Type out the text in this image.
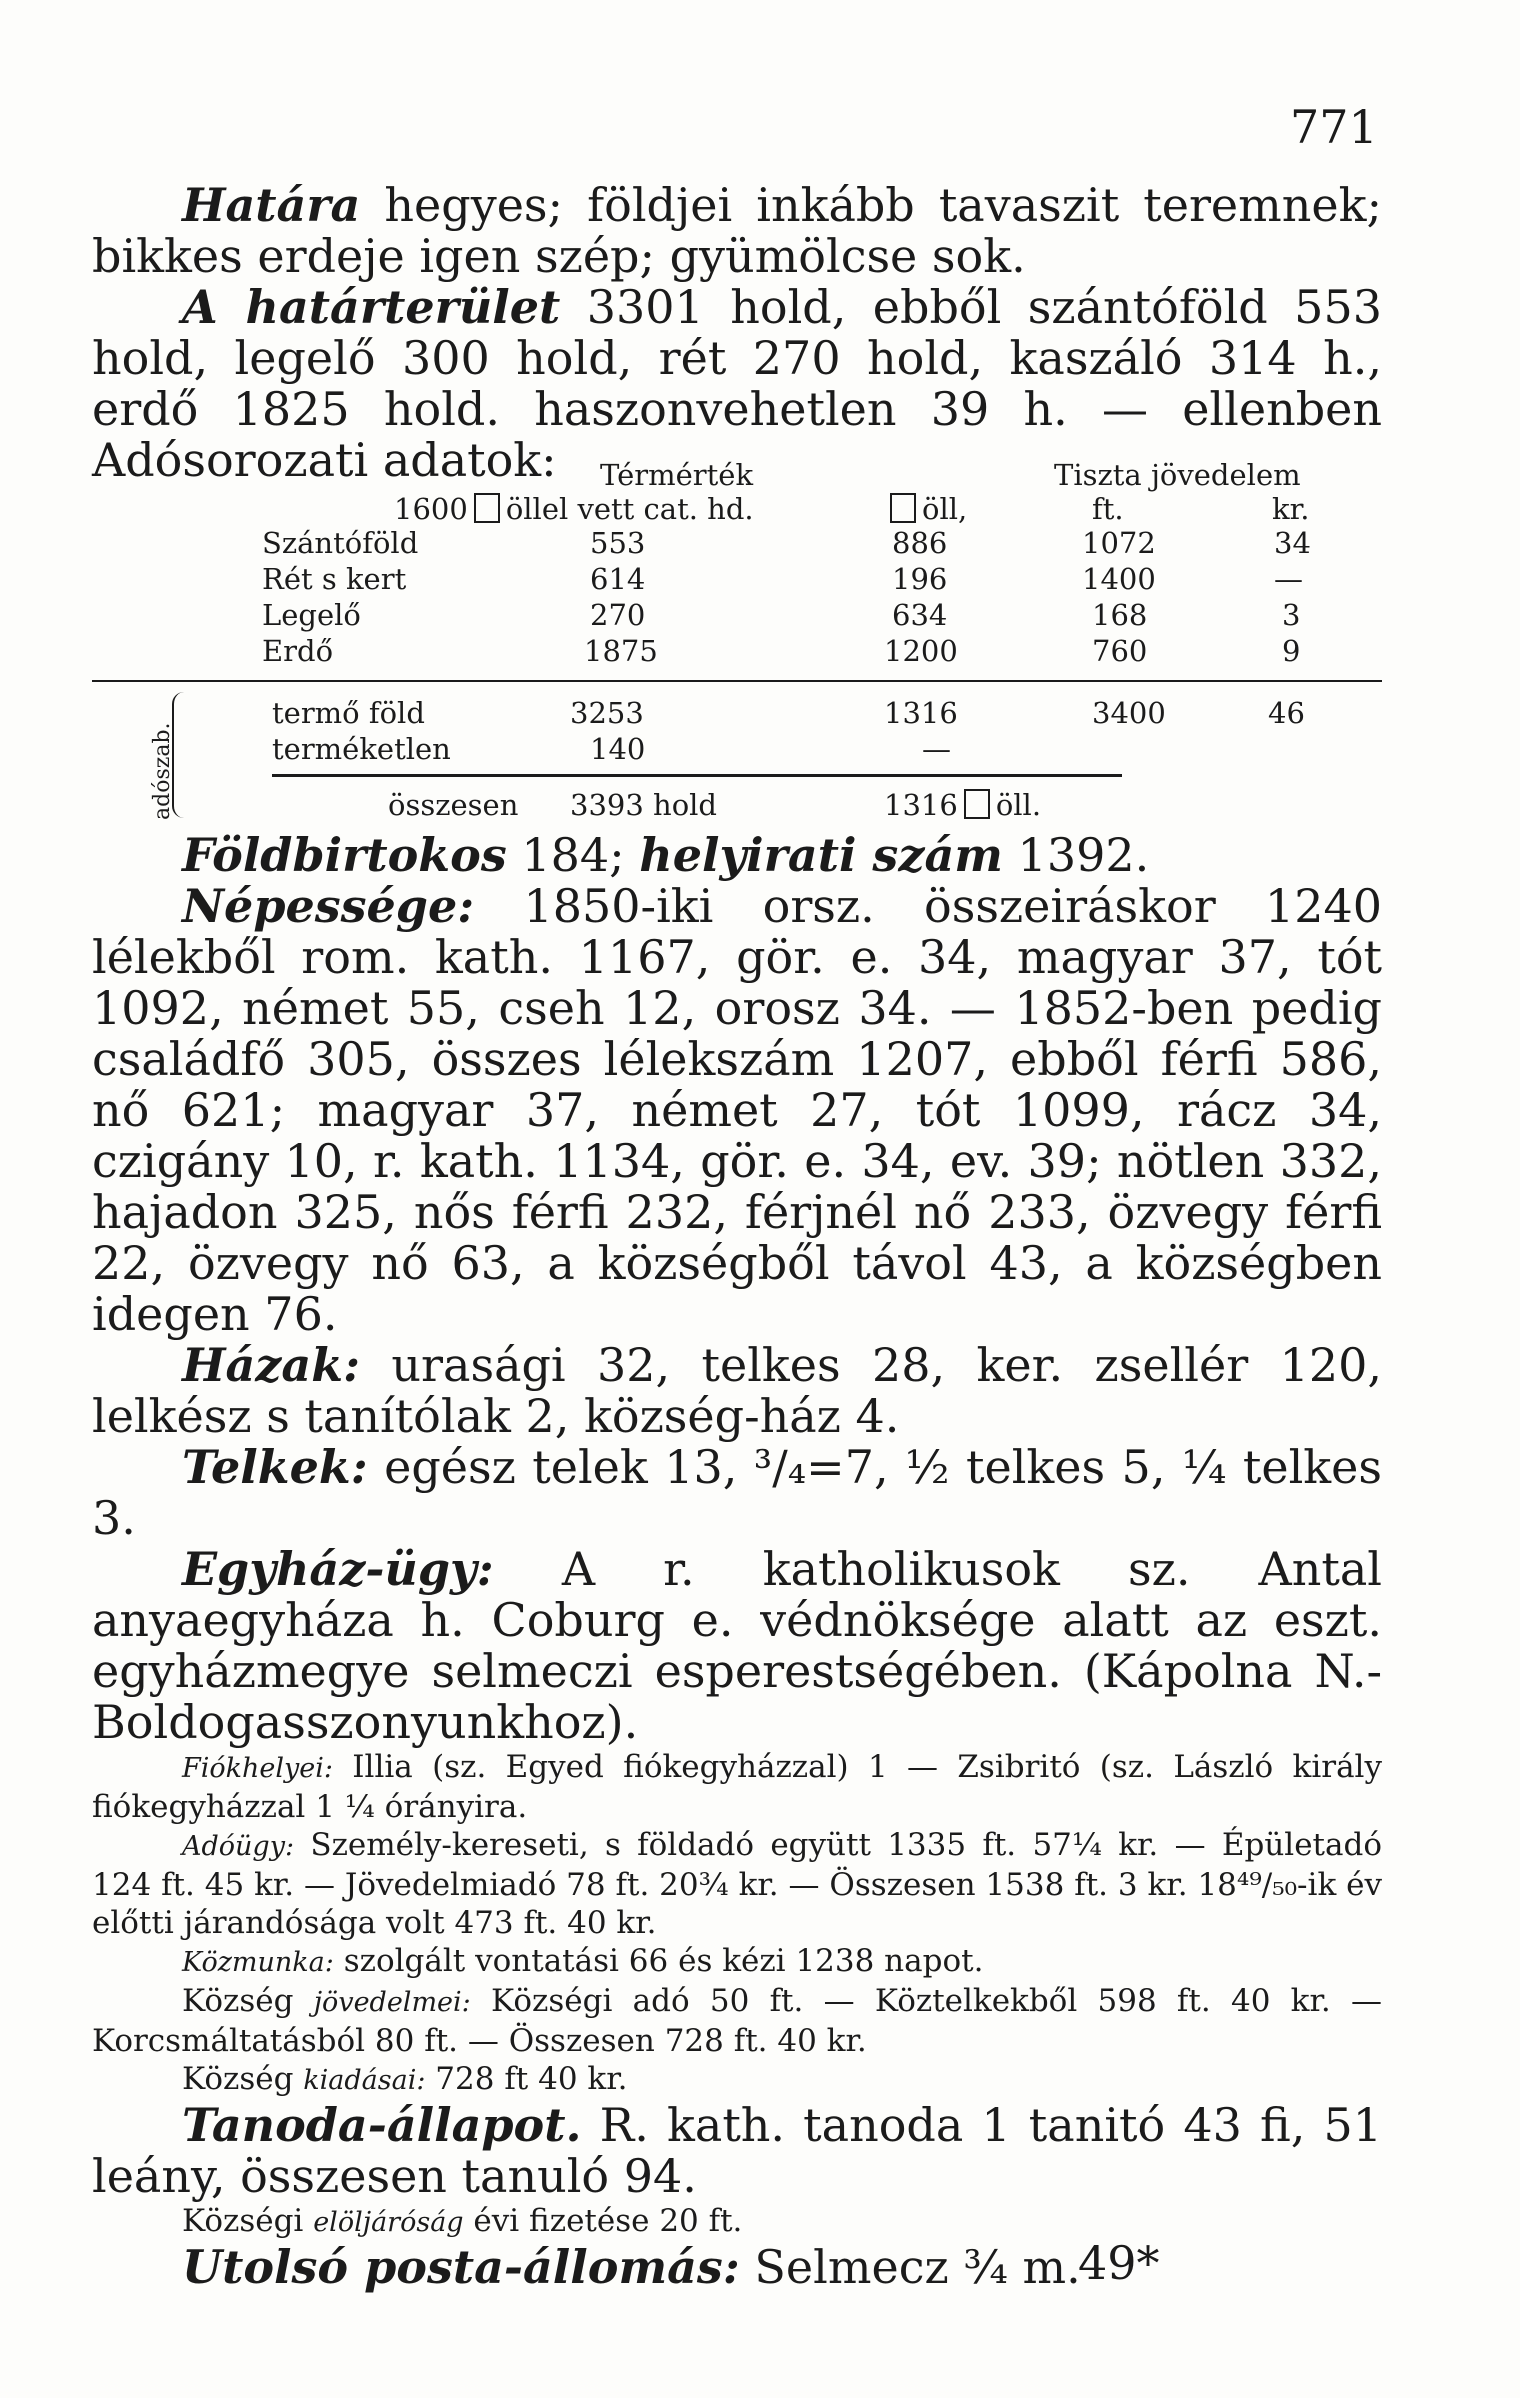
771

Határa hegyes; földjei inkább tavaszit teremnek; bikkes erdeje igen szép; gyümölcse sok.

A határterület 3301 hold, ebből szántóföld 553 hold, legelő 300 hold, rét 270 hold, kaszáló 314 h., erdő 1825 hold. haszonvehetlen 39 h. — ellenben Adósorozati adatok:	Térmérték	Tiszta jövedelem
1600 öllel vett cat. hd.	öll,	ft.	kr.
Szántóföld	553	886	1072	34
Rét s kert	614	196	1400	—
Legelő	270	634	168	3
Erdő	1875	1200	760	9
termő föld	3253	1316	3400	46
terméketlen	140	—
összesen 3393 hold	1316 öll.
adószab.

Földbirtokos 184; helyirati szám 1392.

Népessége: 1850-iki orsz. összeiráskor 1240 lélekből rom. kath. 1167, gör. e. 34, magyar 37, tót 1092, német 55, cseh 12, orosz 34. — 1852-ben pedig családfő 305, összes lélekszám 1207, ebből férfi 586, nő 621; magyar 37, német 27, tót 1099, rácz 34, czigány 10, r. kath. 1134, gör. e. 34, ev. 39; nötlen 332, hajadon 325, nős férfi 232, férjnél nő 233, özvegy férfi 22, özvegy nő 63, a községből távol 43, a községben idegen 76.

Házak: urasági 32, telkes 28, ker. zsellér 120, lelkész s tanítólak 2, község-ház 4.

Telkek: egész telek 13, ³/₄=7, ½ telkes 5, ¼ telkes 3.

Egyház-ügy: A r. katholikusok sz. Antal anyaegyháza h. Coburg e. védnöksége alatt az eszt. egyházmegye selmeczi esperestségében. (Kápolna N.-Boldogasszonyunkhoz).

Fiókhelyei: Illia (sz. Egyed fiókegyházzal) 1 — Zsibritó (sz. László király fiókegyházzal 1 ¼ órányira.

Adóügy: Személy-kereseti, s földadó együtt 1335 ft. 57¼ kr. — Épületadó 124 ft. 45 kr. — Jövedelmiadó 78 ft. 20¾ kr. — Összesen 1538 ft. 3 kr. 18⁴⁹/₅₀-ik év előtti járandósága volt 473 ft. 40 kr.

Közmunka: szolgált vontatási 66 és kézi 1238 napot.

Község jövedelmei: Községi adó 50 ft. — Köztelkekből 598 ft. 40 kr. — Korcsmáltatásból 80 ft. — Összesen 728 ft. 40 kr.

Község kiadásai: 728 ft 40 kr.

Tanoda-állapot. R. kath. tanoda 1 tanitó 43 fi, 51 leány, összesen tanuló 94.

Községi elöljáróság évi fizetése 20 ft.

Utolsó posta-állomás: Selmecz ¾ m.

49*
